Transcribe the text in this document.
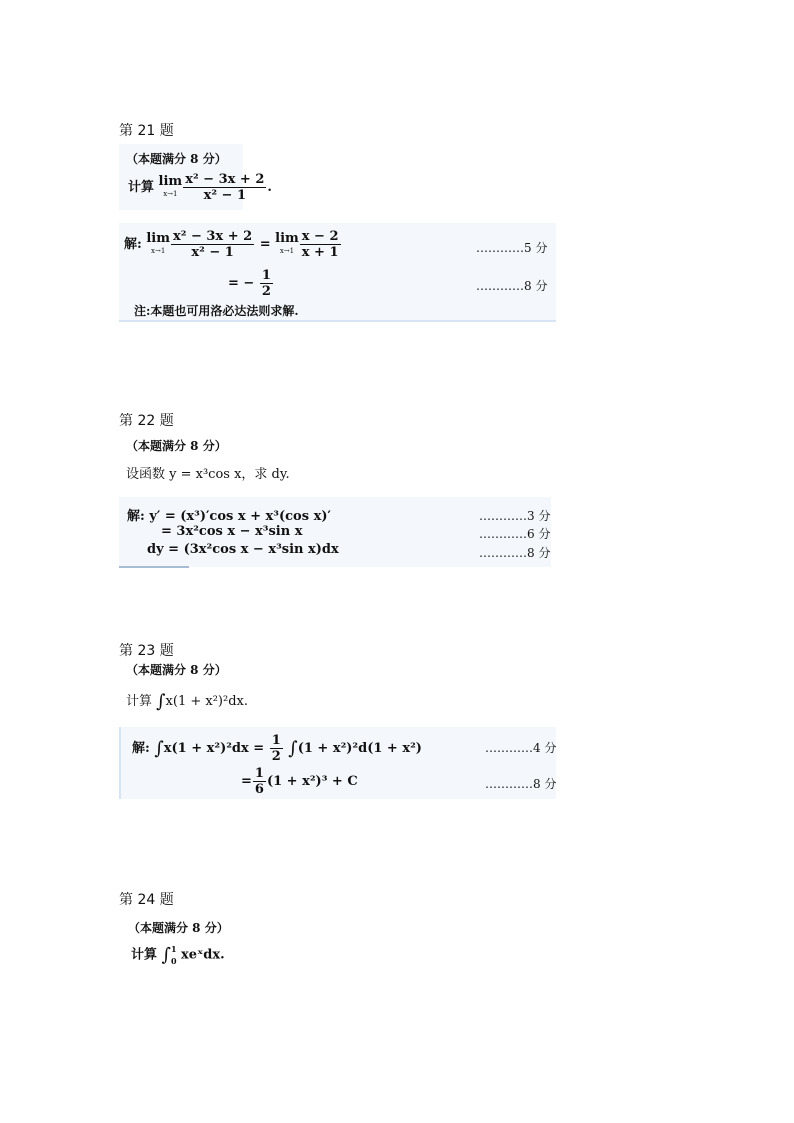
第 21 题
（本题满分 8 分）
计算 lim
$x\to 1 \frac{\text{x² − 3x + 2}}{\text{x² − 1}}$ .
解: lim
$x\to 1 \frac{\text{x² − 3x + 2}}{\text{x² − 1}} = \lim$
$x\to 1 \frac{x - 2}{x + 1}$	…………5 分
= − $\frac{1}{2}$	…………8 分
注:本题也可用洛必达法则求解.
第 22 题
（本题满分 8 分）
设函数 y = x³cos x，求 dy.
解: y′ = (x³)′cos x + x³(cos x)′	…………3 分
= 3x²cos x − x³sin x	…………6 分
dy = (3x²cos x − x³sin x)dx	…………8 分
第 23 题
（本题满分 8 分）
计算 ∫x(1 + x²)²dx.
解: $\int x(1 + x^2)^2dx = \frac{1}{2} \int(1 + x^2)^2d(1 + x^2)$	…………4 分
= $\frac{1}{6} (1 + x^2)^3 + C$	…………8 分
第 24 题
（本题满分 8 分）
计算 ∫ 1
0 xeˣdx.
